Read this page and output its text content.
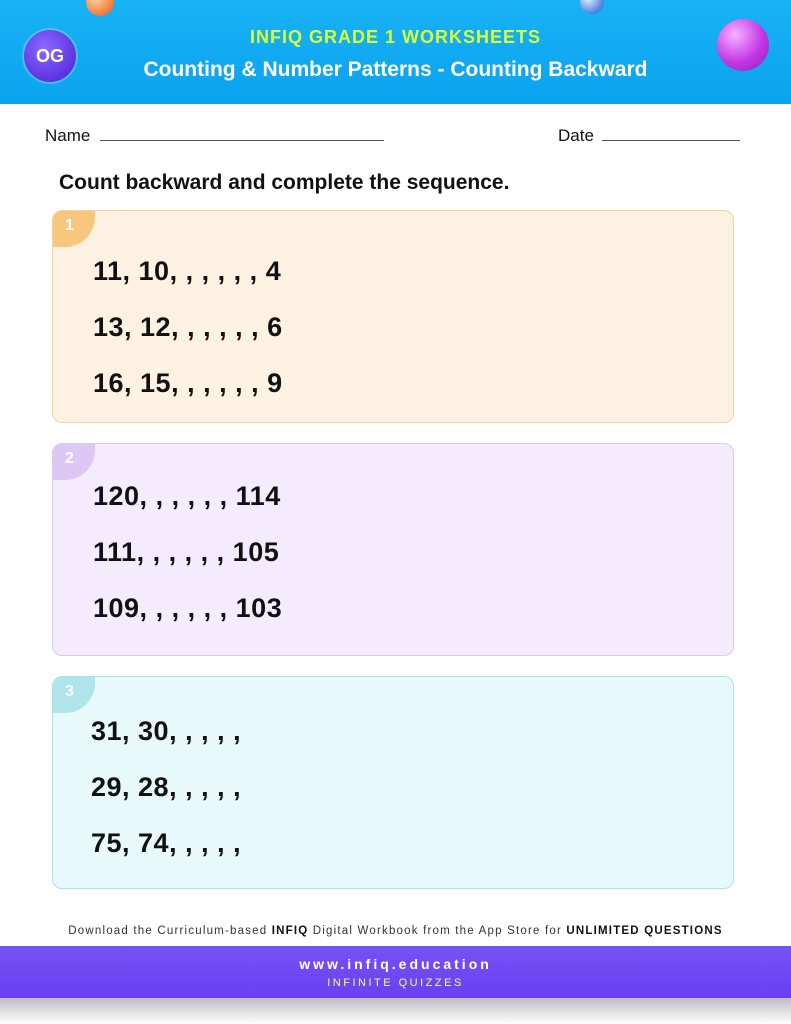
OG
INFIQ GRADE 1 WORKSHEETS
Counting & Number Patterns - Counting Backward
Name	Date
Count backward and complete the sequence.
1
11, 10, , , , , , 4
13, 12, , , , , , 6
16, 15, , , , , , 9
2
120, , , , , , 114
111, , , , , , 105
109, , , , , , 103
3
31, 30, , , , ,
29, 28, , , , ,
75, 74, , , , ,
Download the Curriculum-based INFIQ Digital Workbook from the App Store for UNLIMITED QUESTIONS
www.infiq.education
INFINITE QUIZZES
